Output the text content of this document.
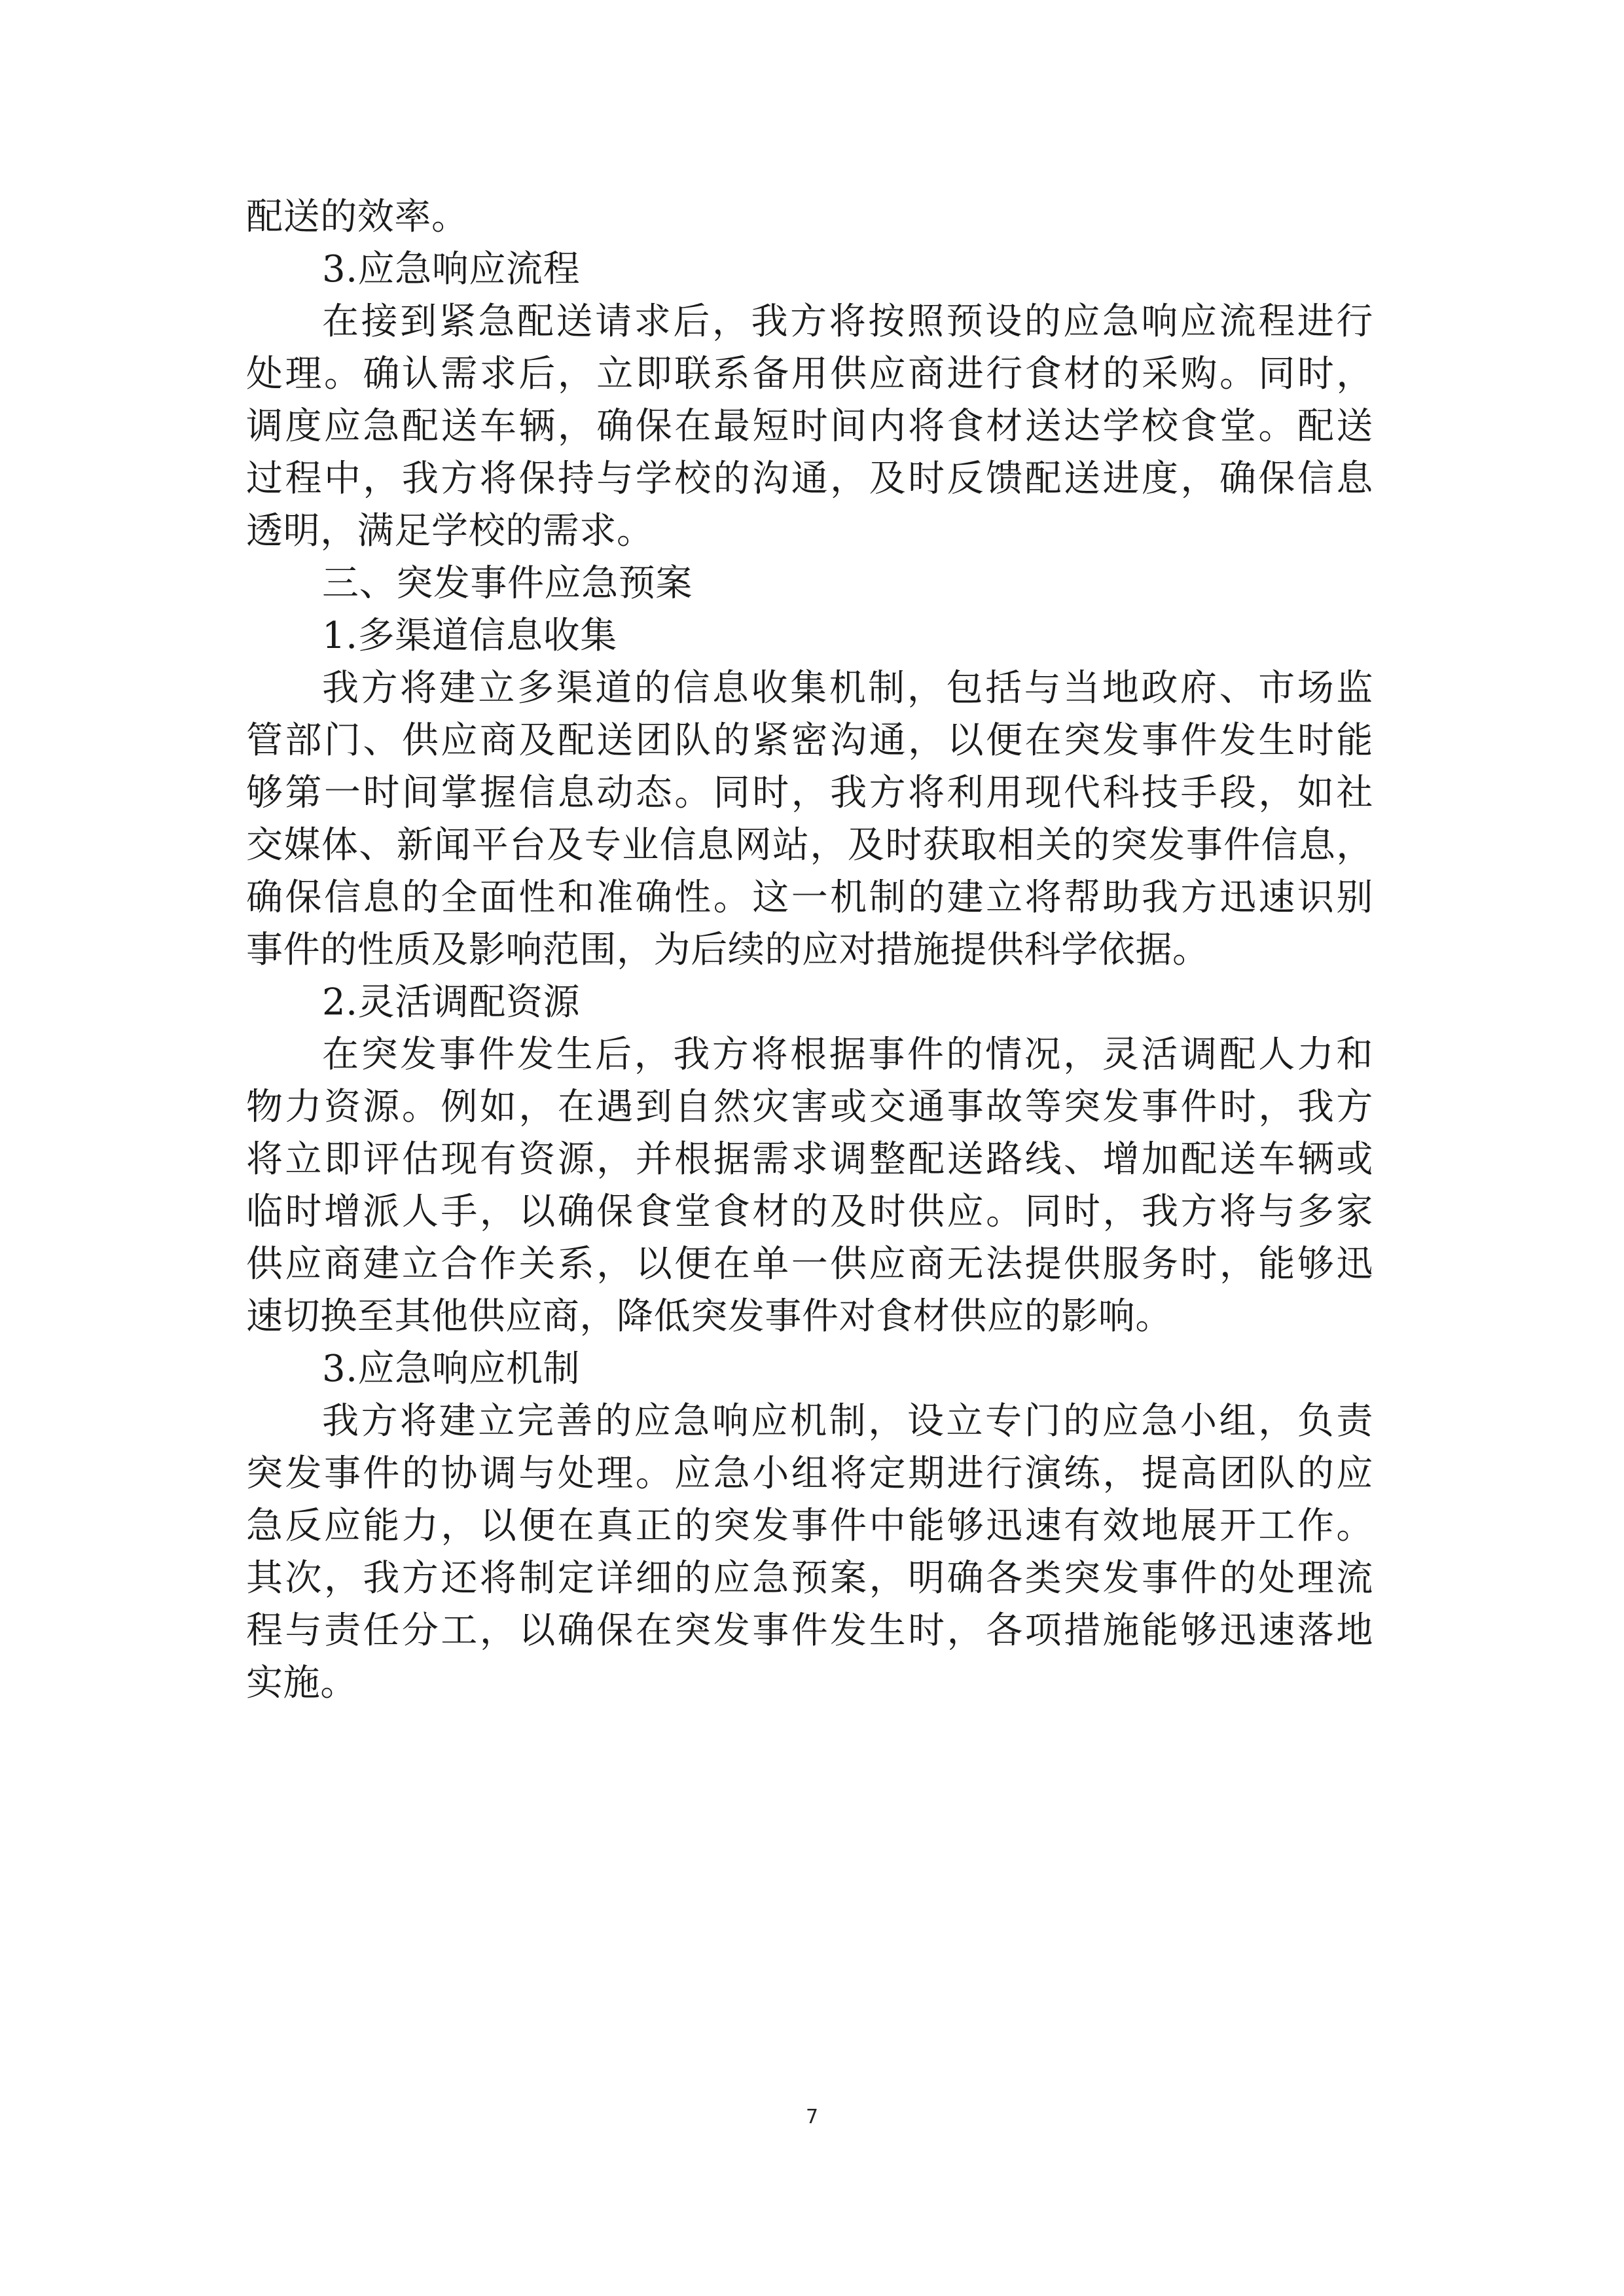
配送的效率。

3.应急响应流程

在接到紧急配送请求后，我方将按照预设的应急响应流程进行

处理。确认需求后，立即联系备用供应商进行食材的采购。同时，

调度应急配送车辆，确保在最短时间内将食材送达学校食堂。配送

过程中，我方将保持与学校的沟通，及时反馈配送进度，确保信息

透明，满足学校的需求。

三、突发事件应急预案

1.多渠道信息收集

我方将建立多渠道的信息收集机制，包括与当地政府、市场监

管部门、供应商及配送团队的紧密沟通，以便在突发事件发生时能

够第一时间掌握信息动态。同时，我方将利用现代科技手段，如社

交媒体、新闻平台及专业信息网站，及时获取相关的突发事件信息，

确保信息的全面性和准确性。这一机制的建立将帮助我方迅速识别

事件的性质及影响范围，为后续的应对措施提供科学依据。

2.灵活调配资源

在突发事件发生后，我方将根据事件的情况，灵活调配人力和

物力资源。例如，在遇到自然灾害或交通事故等突发事件时，我方

将立即评估现有资源，并根据需求调整配送路线、增加配送车辆或

临时增派人手，以确保食堂食材的及时供应。同时，我方将与多家

供应商建立合作关系，以便在单一供应商无法提供服务时，能够迅

速切换至其他供应商，降低突发事件对食材供应的影响。

3.应急响应机制

我方将建立完善的应急响应机制，设立专门的应急小组，负责

突发事件的协调与处理。应急小组将定期进行演练，提高团队的应

急反应能力，以便在真正的突发事件中能够迅速有效地展开工作。

其次，我方还将制定详细的应急预案，明确各类突发事件的处理流

程与责任分工，以确保在突发事件发生时，各项措施能够迅速落地

实施。

7
